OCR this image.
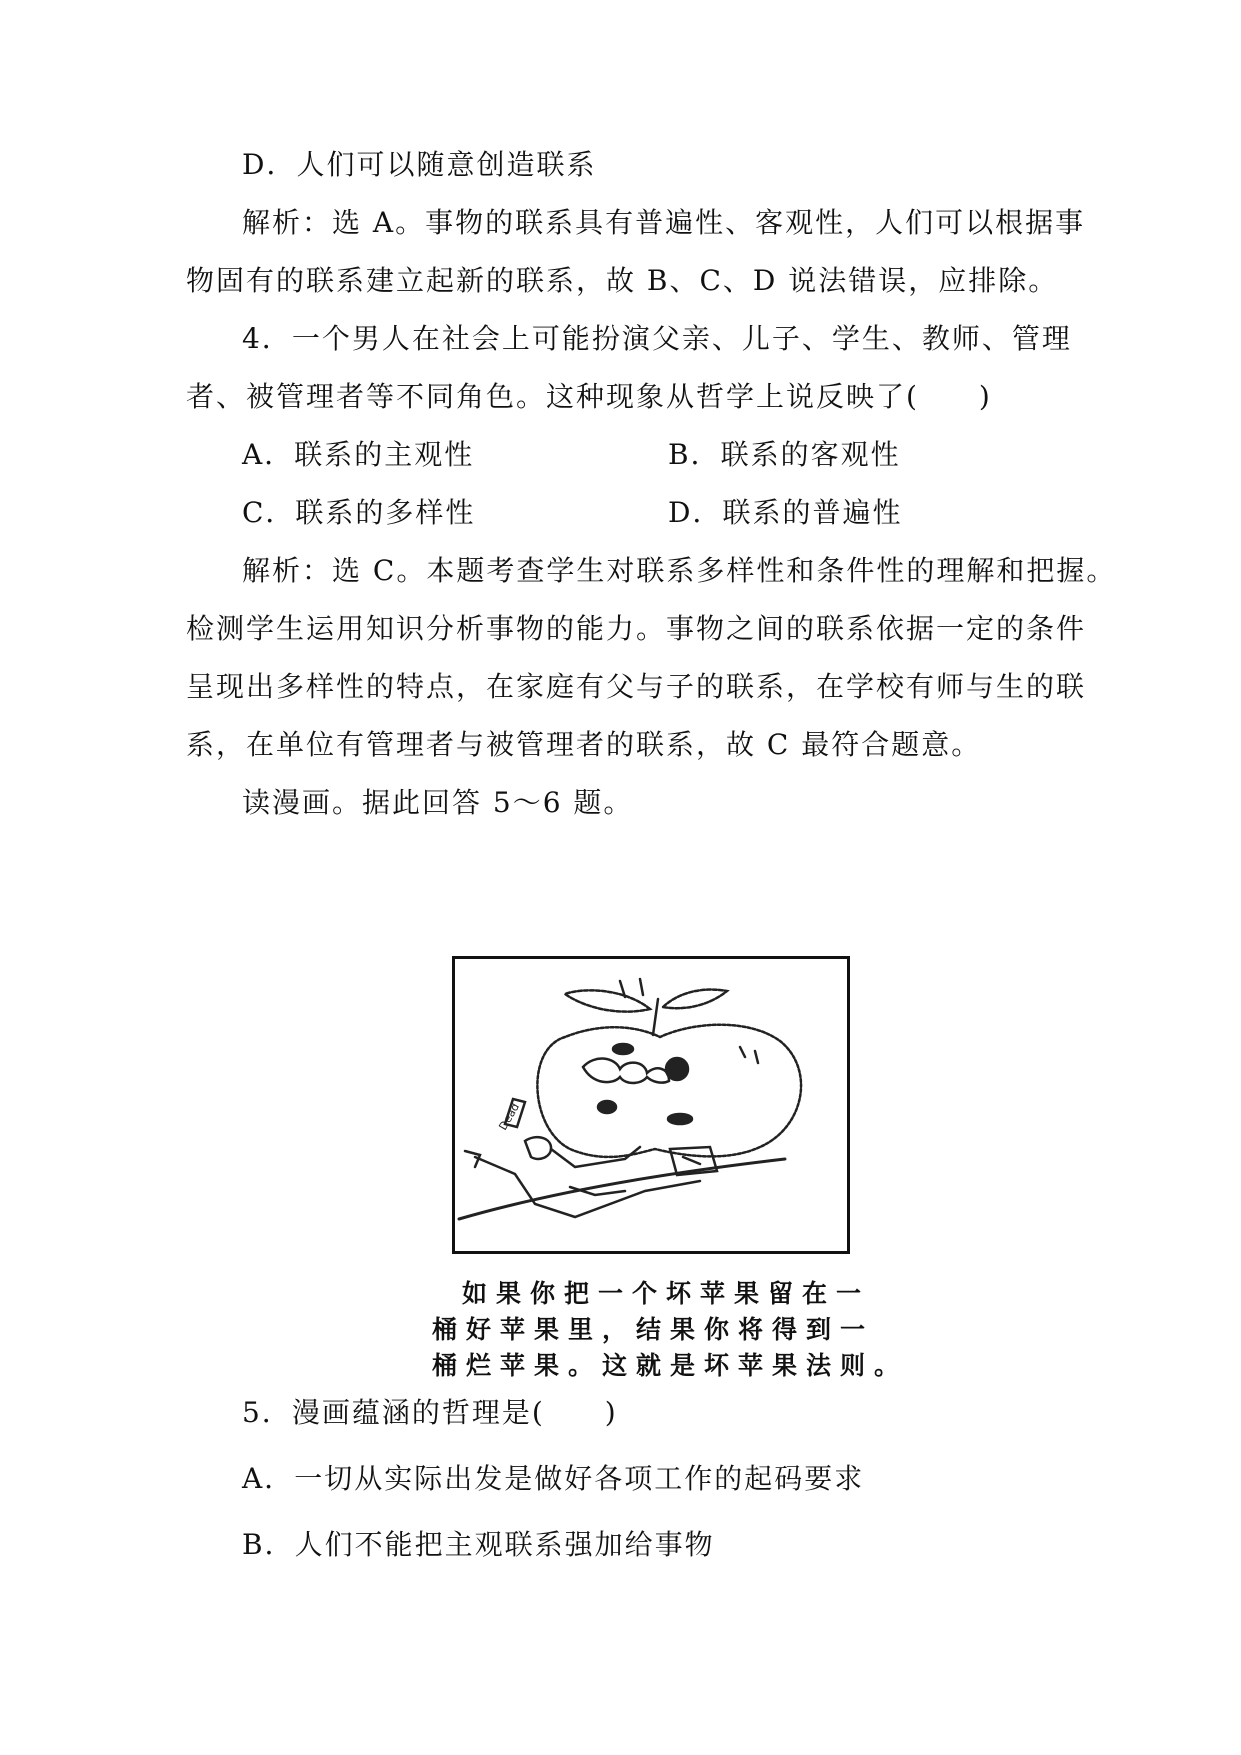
D．人们可以随意创造联系
解析：选 A。事物的联系具有普遍性、客观性，人们可以根据事
物固有的联系建立起新的联系，故 B、C、D 说法错误，应排除。
4．一个男人在社会上可能扮演父亲、儿子、学生、教师、管理
者、被管理者等不同角色。这种现象从哲学上说反映了(　　)
A．联系的主观性	B．联系的客观性
C．联系的多样性	D．联系的普遍性
解析：选 C。本题考查学生对联系多样性和条件性的理解和把握。
检测学生运用知识分析事物的能力。事物之间的联系依据一定的条件
呈现出多样性的特点，在家庭有父与子的联系，在学校有师与生的联
系，在单位有管理者与被管理者的联系，故 C 最符合题意。
读漫画。据此回答 5～6 题。
Dead
如果你把一个坏苹果留在一
桶好苹果里，结果你将得到一
桶烂苹果。这就是坏苹果法则。
5．漫画蕴涵的哲理是(　　)
A．一切从实际出发是做好各项工作的起码要求
B．人们不能把主观联系强加给事物
